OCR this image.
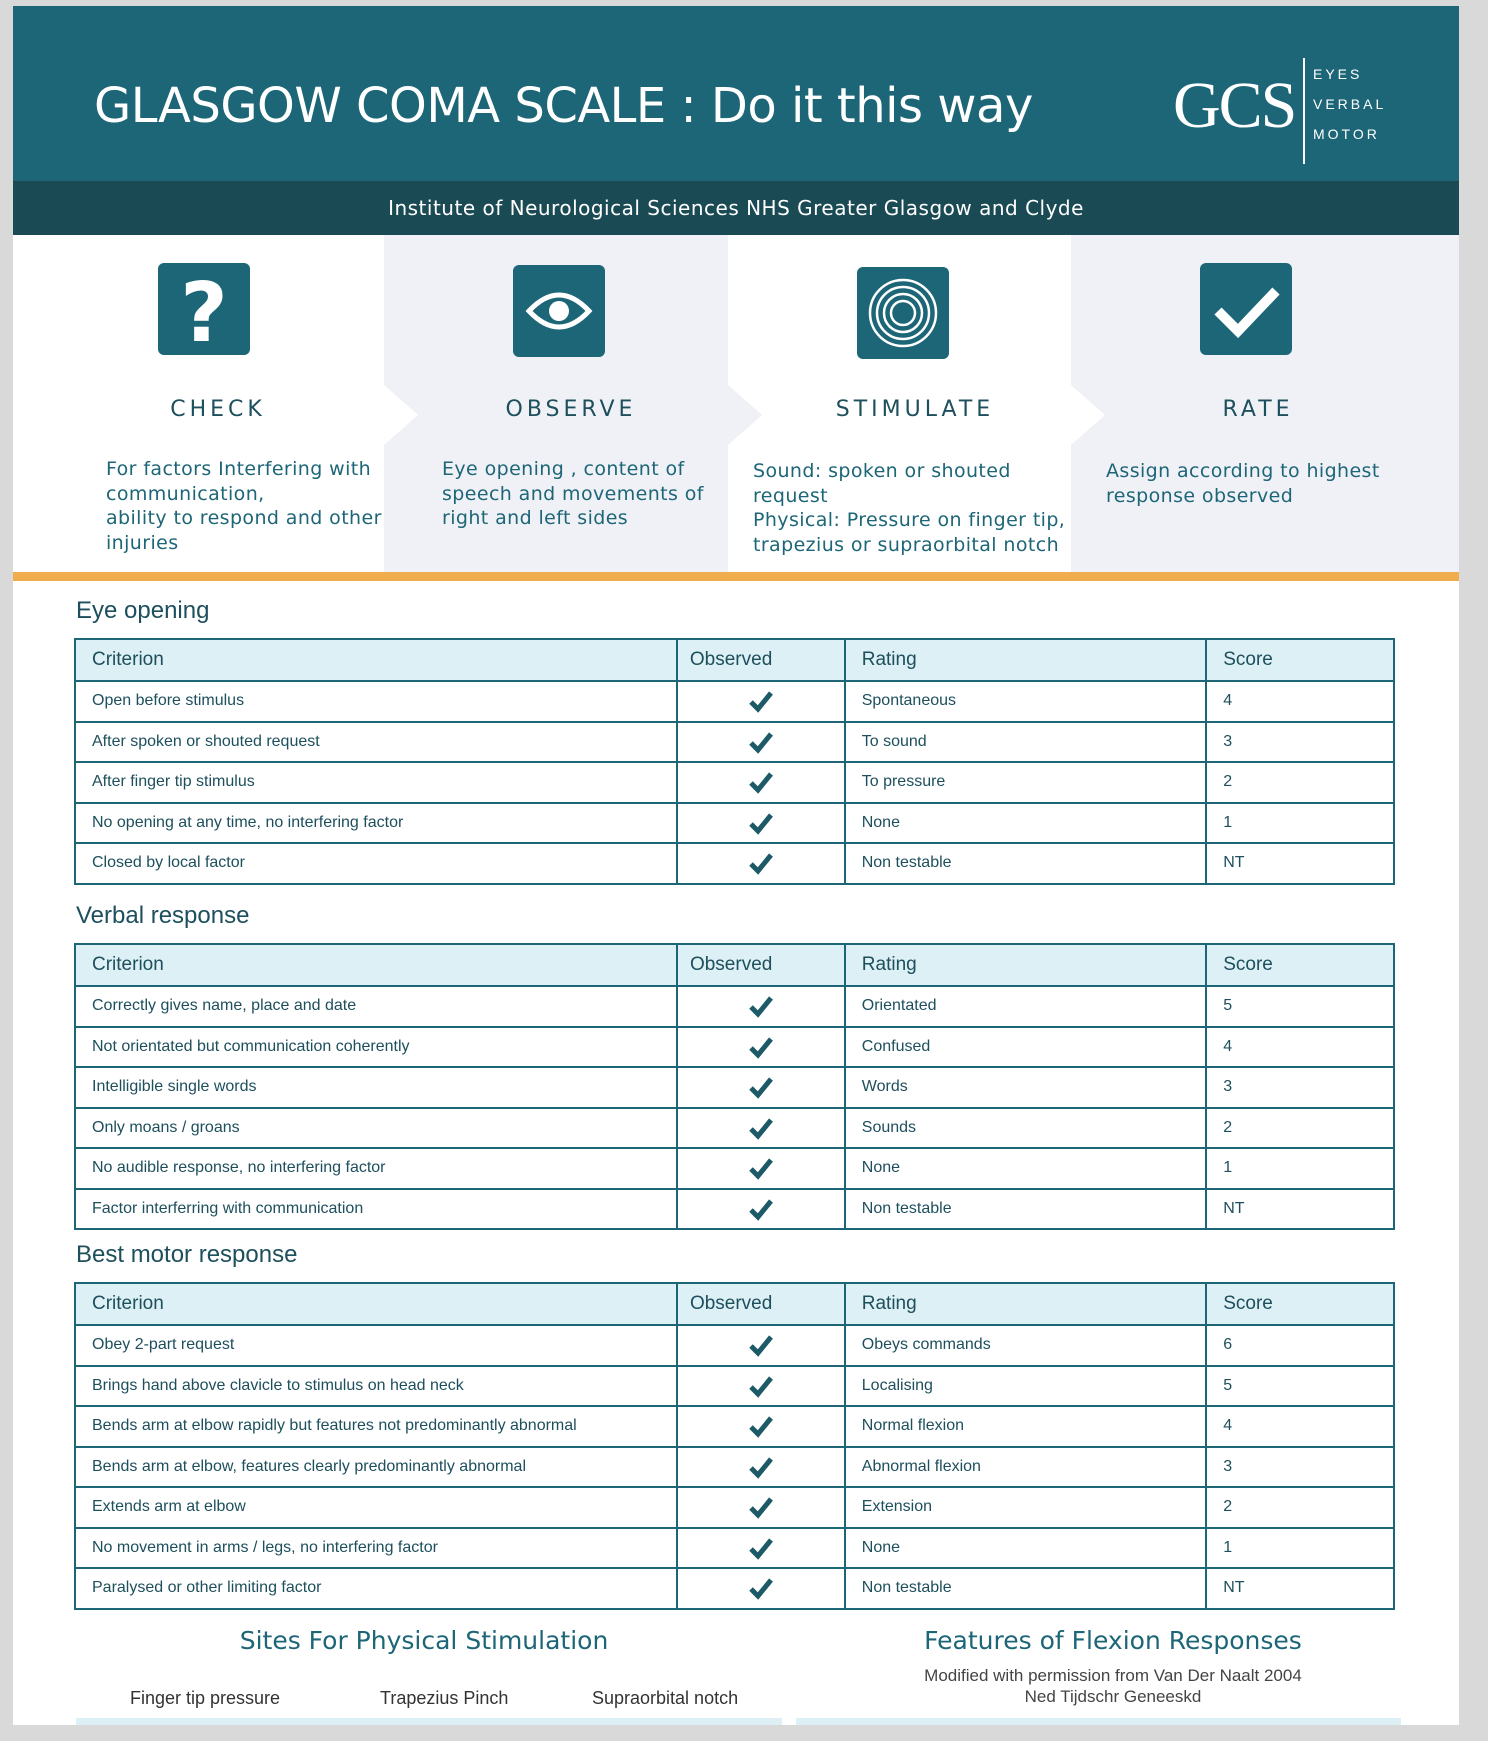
GLASGOW COMA SCALE : Do it this way GCS EYES
VERBAL
MOTOR
Institute of Neurological Sciences NHS Greater Glasgow and Clyde
?
CHECK
For factors Interfering with
communication,
ability to respond and other
injuries
OBSERVE
Eye opening , content of
speech and movements of
right and left sides
STIMULATE
Sound: spoken or shouted
request
Physical: Pressure on finger tip,
trapezius or supraorbital notch
RATE
Assign according to highest
response observed
Eye opening
Criterion	Observed	Rating	Score
Open before stimulus		Spontaneous	4
After spoken or shouted request		To sound	3
After finger tip stimulus		To pressure	2
No opening at any time, no interfering factor		None	1
Closed by local factor		Non testable	NT
Verbal response
Criterion	Observed	Rating	Score
Correctly gives name, place and date		Orientated	5
Not orientated but communication coherently		Confused	4
Intelligible single words		Words	3
Only moans / groans		Sounds	2
No audible response, no interfering factor		None	1
Factor interferring with communication		Non testable	NT
Best motor response
Criterion	Observed	Rating	Score
Obey 2-part request		Obeys commands	6
Brings hand above clavicle to stimulus on head neck		Localising	5
Bends arm at elbow rapidly but features not predominantly abnormal		Normal flexion	4
Bends arm at elbow, features clearly predominantly abnormal		Abnormal flexion	3
Extends arm at elbow		Extension	2
No movement in arms / legs, no interfering factor		None	1
Paralysed or other limiting factor		Non testable	NT
Sites For Physical Stimulation
Finger tip pressure	Trapezius Pinch	Supraorbital notch
Features of Flexion Responses
Modified with permission from Van Der Naalt 2004
Ned Tijdschr Geneeskd
